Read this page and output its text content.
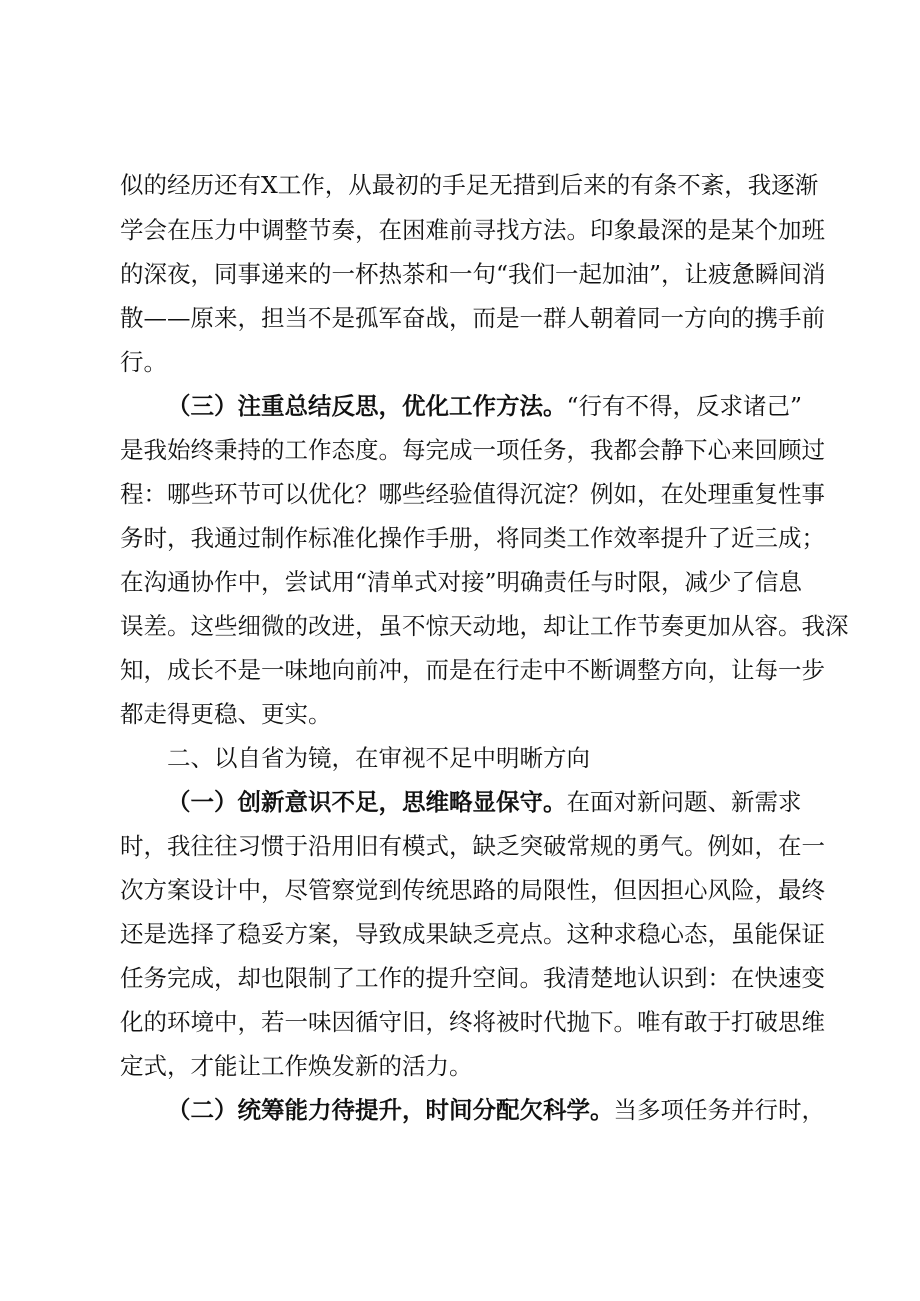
似的经历还有X工作，从最初的手足无措到后来的有条不紊，我逐渐
学会在压力中调整节奏，在困难前寻找方法。印象最深的是某个加班
的深夜，同事递来的一杯热茶和一句“我们一起加油”，让疲惫瞬间消
散——原来，担当不是孤军奋战，而是一群人朝着同一方向的携手前
行。
（三）注重总结反思，优化工作方法。“行有不得，反求诸己”
是我始终秉持的工作态度。每完成一项任务，我都会静下心来回顾过
程：哪些环节可以优化？哪些经验值得沉淀？例如，在处理重复性事
务时，我通过制作标准化操作手册，将同类工作效率提升了近三成；
在沟通协作中，尝试用“清单式对接”明确责任与时限，减少了信息
误差。这些细微的改进，虽不惊天动地，却让工作节奏更加从容。我深
知，成长不是一味地向前冲，而是在行走中不断调整方向，让每一步
都走得更稳、更实。
二、以自省为镜，在审视不足中明晰方向
（一）创新意识不足，思维略显保守。在面对新问题、新需求
时，我往往习惯于沿用旧有模式，缺乏突破常规的勇气。例如，在一
次方案设计中，尽管察觉到传统思路的局限性，但因担心风险，最终
还是选择了稳妥方案，导致成果缺乏亮点。这种求稳心态，虽能保证
任务完成，却也限制了工作的提升空间。我清楚地认识到：在快速变
化的环境中，若一味因循守旧，终将被时代抛下。唯有敢于打破思维
定式，才能让工作焕发新的活力。
（二）统筹能力待提升，时间分配欠科学。当多项任务并行时，
